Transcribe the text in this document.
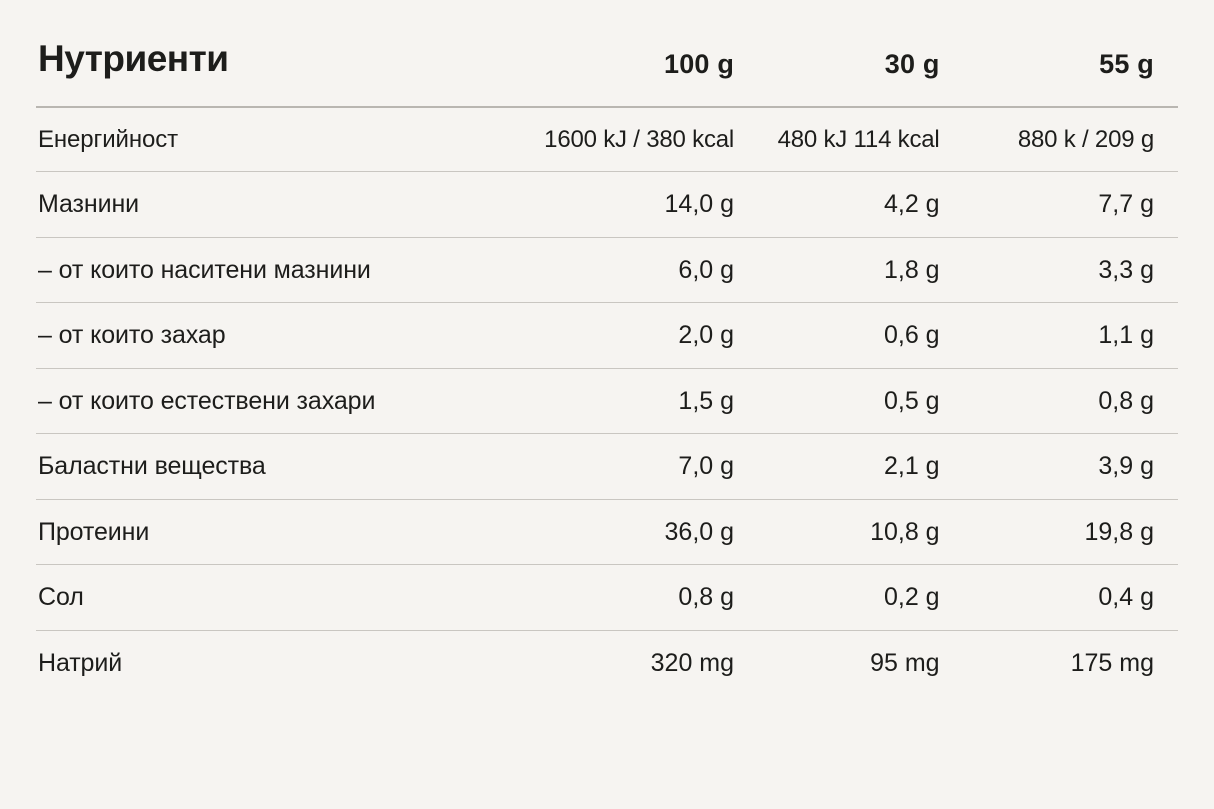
Нутриенти	100 g	30 g	55 g
Енергийност	1600 kJ / 380 kcal	480 kJ 114 kcal	880 k / 209 g
Мазнини	14,0 g	4,2 g	7,7 g
– от които наситени мазнини	6,0 g	1,8 g	3,3 g
– от които захар	2,0 g	0,6 g	1,1 g
– от които естествени захари	1,5 g	0,5 g	0,8 g
Баластни вещества	7,0 g	2,1 g	3,9 g
Протеини	36,0 g	10,8 g	19,8 g
Сол	0,8 g	0,2 g	0,4 g
Натрий	320 mg	95 mg	175 mg
